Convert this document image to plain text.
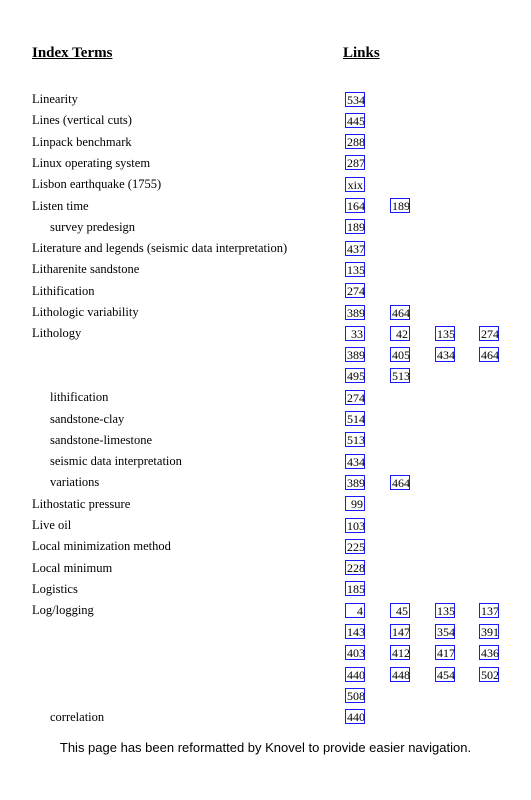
Index Terms	Links
Linearity	534
Lines (vertical cuts)	445
Linpack benchmark	288
Linux operating system	287
Lisbon earthquake (1755)	xix
Listen time	164 189
survey predesign	189
Literature and legends (seismic data interpretation)	437
Litharenite sandstone	135
Lithification	274
Lithologic variability	389 464
Lithology	33	42 135 274
389 405 434 464
495 513
lithification	274
sandstone-clay	514
sandstone-limestone	513
seismic data interpretation	434
variations	389 464
Lithostatic pressure	99
Live oil	103
Local minimization method	225
Local minimum	228
Logistics	185
Log/logging	4	45 135 137
143 147 354 391
403 412 417 436
440 448 454 502
508
correlation	440
This page has been reformatted by Knovel to provide easier navigation.
